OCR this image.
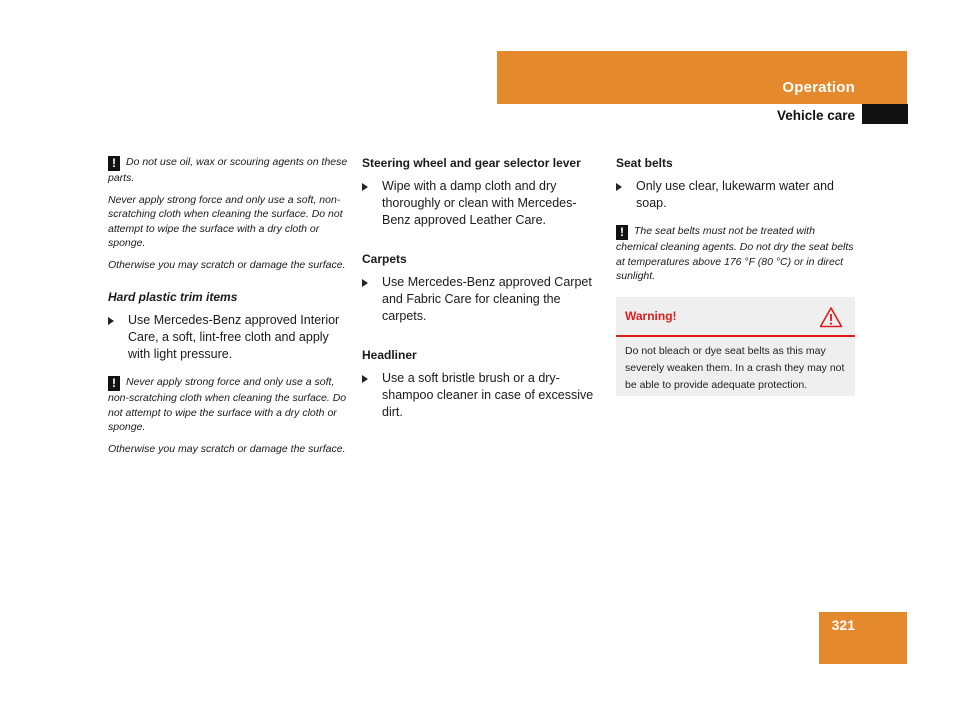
Operation
Vehicle care

! Do not use oil, wax or scouring agents on these parts.

Never apply strong force and only use a soft, non-scratching cloth when cleaning the surface. Do not attempt to wipe the surface with a dry cloth or sponge.

Otherwise you may scratch or damage the surface.

Hard plastic trim items
Use Mercedes-Benz approved Interior Care, a soft, lint-free cloth and apply with light pressure.

! Never apply strong force and only use a soft, non-scratching cloth when cleaning the surface. Do not attempt to wipe the surface with a dry cloth or sponge.

Otherwise you may scratch or damage the surface.

Steering wheel and gear selector lever
Wipe with a damp cloth and dry thoroughly or clean with Mercedes-Benz approved Leather Care.
Carpets
Use Mercedes-Benz approved Carpet and Fabric Care for cleaning the carpets.
Headliner
Use a soft bristle brush or a dry-shampoo cleaner in case of excessive dirt.
Seat belts
Only use clear, lukewarm water and soap.

! The seat belts must not be treated with chemical cleaning agents. Do not dry the seat belts at temperatures above 176 °F (80 °C) or in direct sunlight.

Warning!
Do not bleach or dye seat belts as this may severely weaken them. In a crash they may not be able to provide adequate protection.
321
